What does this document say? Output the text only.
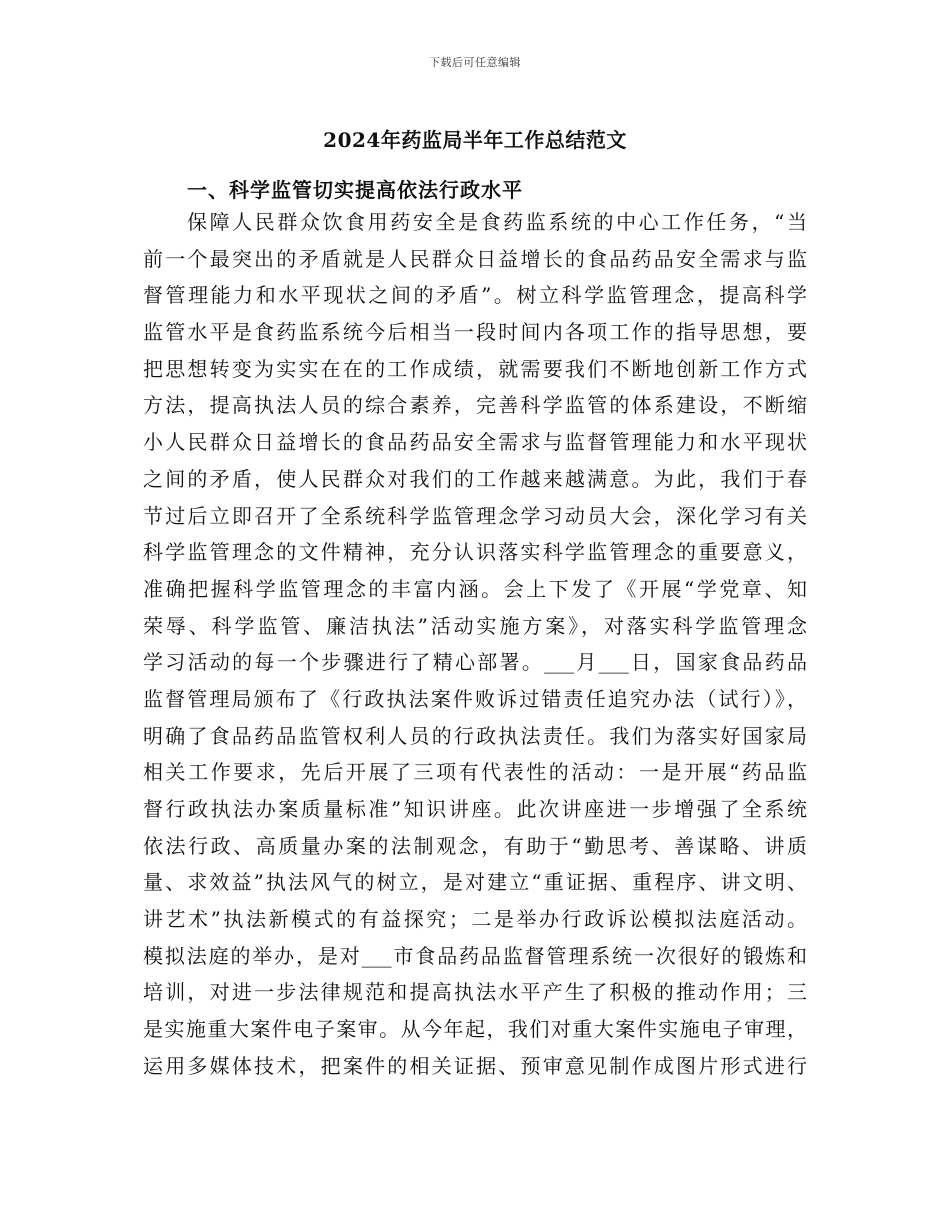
下载后可任意编辑
2024年药监局半年工作总结范文
一、科学监管切实提高依法行政水平
保障人民群众饮食用药安全是食药监系统的中心工作任务，“当
前一个最突出的矛盾就是人民群众日益增长的食品药品安全需求与监
督管理能力和水平现状之间的矛盾”。树立科学监管理念，提高科学
监管水平是食药监系统今后相当一段时间内各项工作的指导思想，要
把思想转变为实实在在的工作成绩，就需要我们不断地创新工作方式
方法，提高执法人员的综合素养，完善科学监管的体系建设，不断缩
小人民群众日益增长的食品药品安全需求与监督管理能力和水平现状
之间的矛盾，使人民群众对我们的工作越来越满意。为此，我们于春
节过后立即召开了全系统科学监管理念学习动员大会，深化学习有关
科学监管理念的文件精神，充分认识落实科学监管理念的重要意义，
准确把握科学监管理念的丰富内涵。会上下发了《开展“学党章、知
荣辱、科学监管、廉洁执法”活动实施方案》，对落实科学监管理念
学习活动的每一个步骤进行了精心部署。___月___日，国家食品药品
监督管理局颁布了《行政执法案件败诉过错责任追究办法（试行）》，
明确了食品药品监管权利人员的行政执法责任。我们为落实好国家局
相关工作要求，先后开展了三项有代表性的活动：一是开展“药品监
督行政执法办案质量标准”知识讲座。此次讲座进一步增强了全系统
依法行政、高质量办案的法制观念，有助于“勤思考、善谋略、讲质
量、求效益”执法风气的树立，是对建立“重证据、重程序、讲文明、
讲艺术”执法新模式的有益探究；二是举办行政诉讼模拟法庭活动。
模拟法庭的举办，是对___市食品药品监督管理系统一次很好的锻炼和
培训，对进一步法律规范和提高执法水平产生了积极的推动作用；三
是实施重大案件电子案审。从今年起，我们对重大案件实施电子审理，
运用多媒体技术，把案件的相关证据、预审意见制作成图片形式进行
